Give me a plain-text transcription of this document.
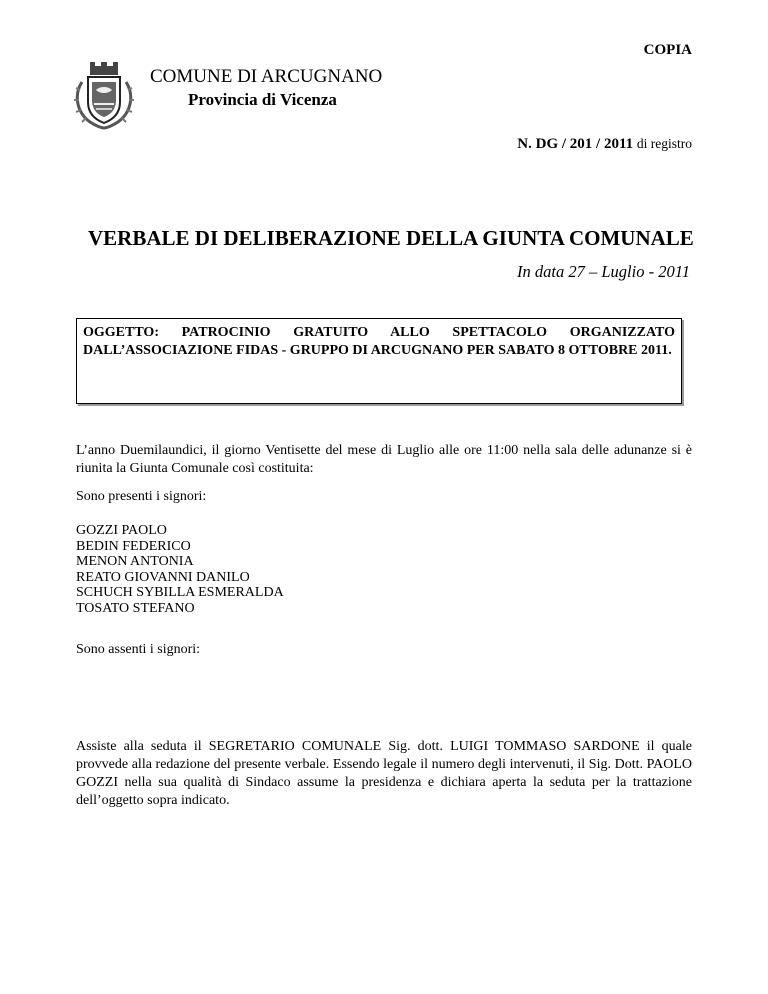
COPIA
COMUNE DI ARCUGNANO
Provincia di Vicenza
N. DG / 201 / 2011 di registro
VERBALE DI DELIBERAZIONE DELLA GIUNTA COMUNALE
In data 27 – Luglio - 2011
OGGETTO: PATROCINIO GRATUITO ALLO SPETTACOLO ORGANIZZATO DALL’ASSOCIAZIONE FIDAS - GRUPPO DI ARCUGNANO PER SABATO 8 OTTOBRE 2011.
L’anno Duemilaundici, il giorno Ventisette del mese di Luglio alle ore 11:00 nella sala delle adunanze si è riunita la Giunta Comunale così costituita:
Sono presenti i signori:
GOZZI PAOLO
BEDIN FEDERICO
MENON ANTONIA
REATO GIOVANNI DANILO
SCHUCH SYBILLA ESMERALDA
TOSATO STEFANO
Sono assenti i signori:
Assiste alla seduta il SEGRETARIO COMUNALE Sig. dott. LUIGI TOMMASO SARDONE il quale provvede alla redazione del presente verbale. Essendo legale il numero degli intervenuti, il Sig. Dott. PAOLO GOZZI nella sua qualità di Sindaco assume la presidenza e dichiara aperta la seduta per la trattazione dell’oggetto sopra indicato.
